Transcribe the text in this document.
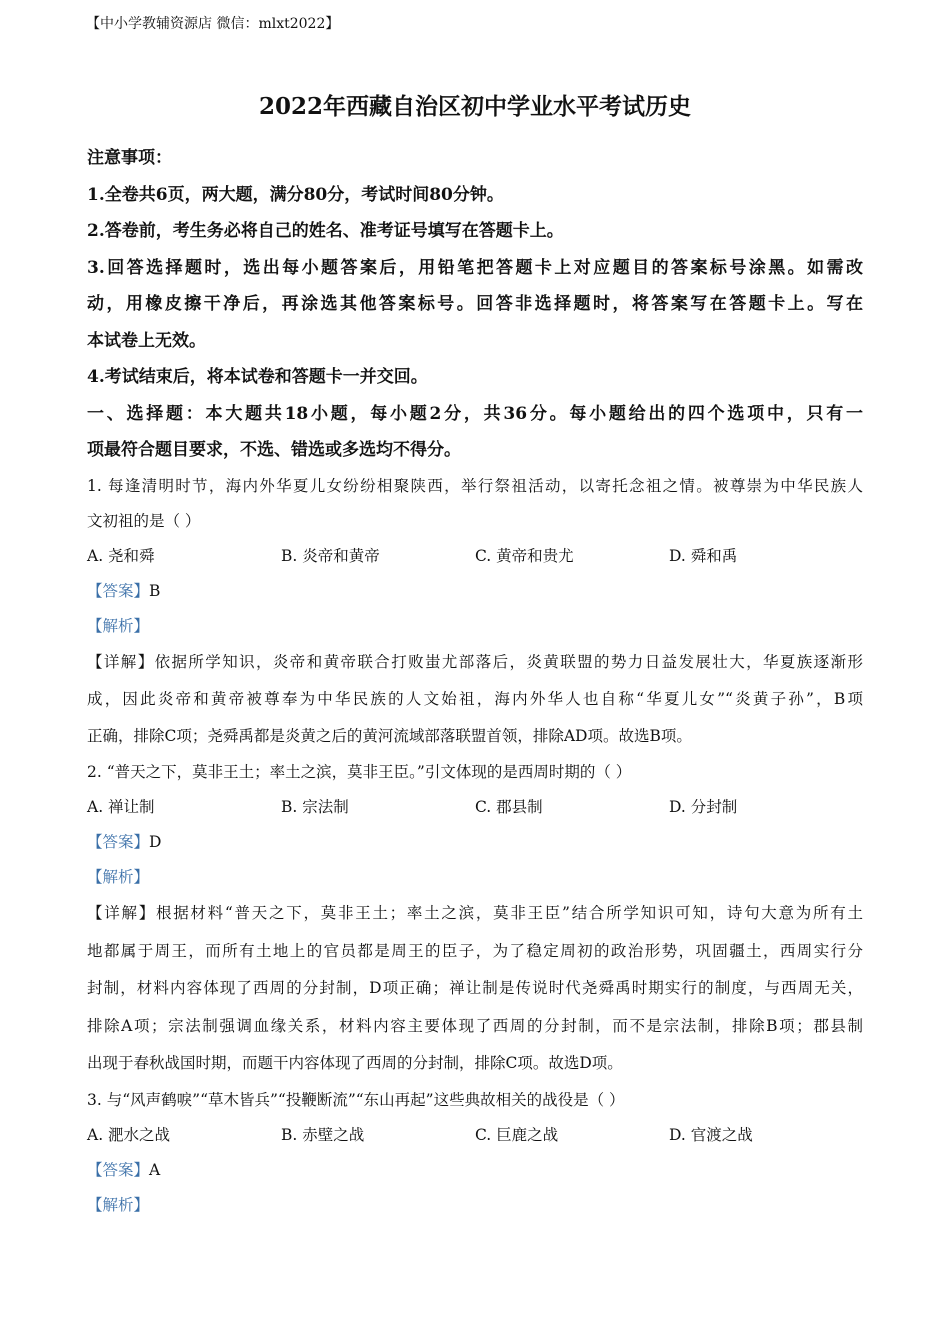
【中小学教辅资源店 微信：mlxt2022】
2022年西藏自治区初中学业水平考试历史
注意事项：
1.全卷共6页，两大题，满分80分，考试时间80分钟。
2.答卷前，考生务必将自己的姓名、准考证号填写在答题卡上。
3.回答选择题时，选出每小题答案后，用铅笔把答题卡上对应题目的答案标号涂黑。如需改
动，用橡皮擦干净后，再涂选其他答案标号。回答非选择题时，将答案写在答题卡上。写在
本试卷上无效。
4.考试结束后，将本试卷和答题卡一并交回。
一、选择题：本大题共18小题，每小题2分，共36分。每小题给出的四个选项中，只有一
项最符合题目要求，不选、错选或多选均不得分。
1. 每逢清明时节，海内外华夏儿女纷纷相聚陕西，举行祭祖活动，以寄托念祖之情。被尊崇为中华民族人
文初祖的是（ ）
A. 尧和舜	B. 炎帝和黄帝	C. 黄帝和贵尤	D. 舜和禹
【答案】B
【解析】
【详解】依据所学知识，炎帝和黄帝联合打败蚩尤部落后，炎黄联盟的势力日益发展壮大，华夏族逐渐形
成，因此炎帝和黄帝被尊奉为中华民族的人文始祖，海内外华人也自称“华夏儿女”“炎黄子孙”，B项
正确，排除C项；尧舜禹都是炎黄之后的黄河流域部落联盟首领，排除AD项。故选B项。
2. “普天之下，莫非王土；率土之滨，莫非王臣。”引文体现的是西周时期的（ ）
A. 禅让制	B. 宗法制	C. 郡县制	D. 分封制
【答案】D
【解析】
【详解】根据材料“普天之下，莫非王土；率土之滨，莫非王臣”结合所学知识可知，诗句大意为所有土
地都属于周王，而所有土地上的官员都是周王的臣子，为了稳定周初的政治形势，巩固疆土，西周实行分
封制，材料内容体现了西周的分封制，D项正确；禅让制是传说时代尧舜禹时期实行的制度，与西周无关，
排除A项；宗法制强调血缘关系，材料内容主要体现了西周的分封制，而不是宗法制，排除B项；郡县制
出现于春秋战国时期，而题干内容体现了西周的分封制，排除C项。故选D项。
3. 与“风声鹤唳”“草木皆兵”“投鞭断流”“东山再起”这些典故相关的战役是（ ）
A. 淝水之战	B. 赤壁之战	C. 巨鹿之战	D. 官渡之战
【答案】A
【解析】
